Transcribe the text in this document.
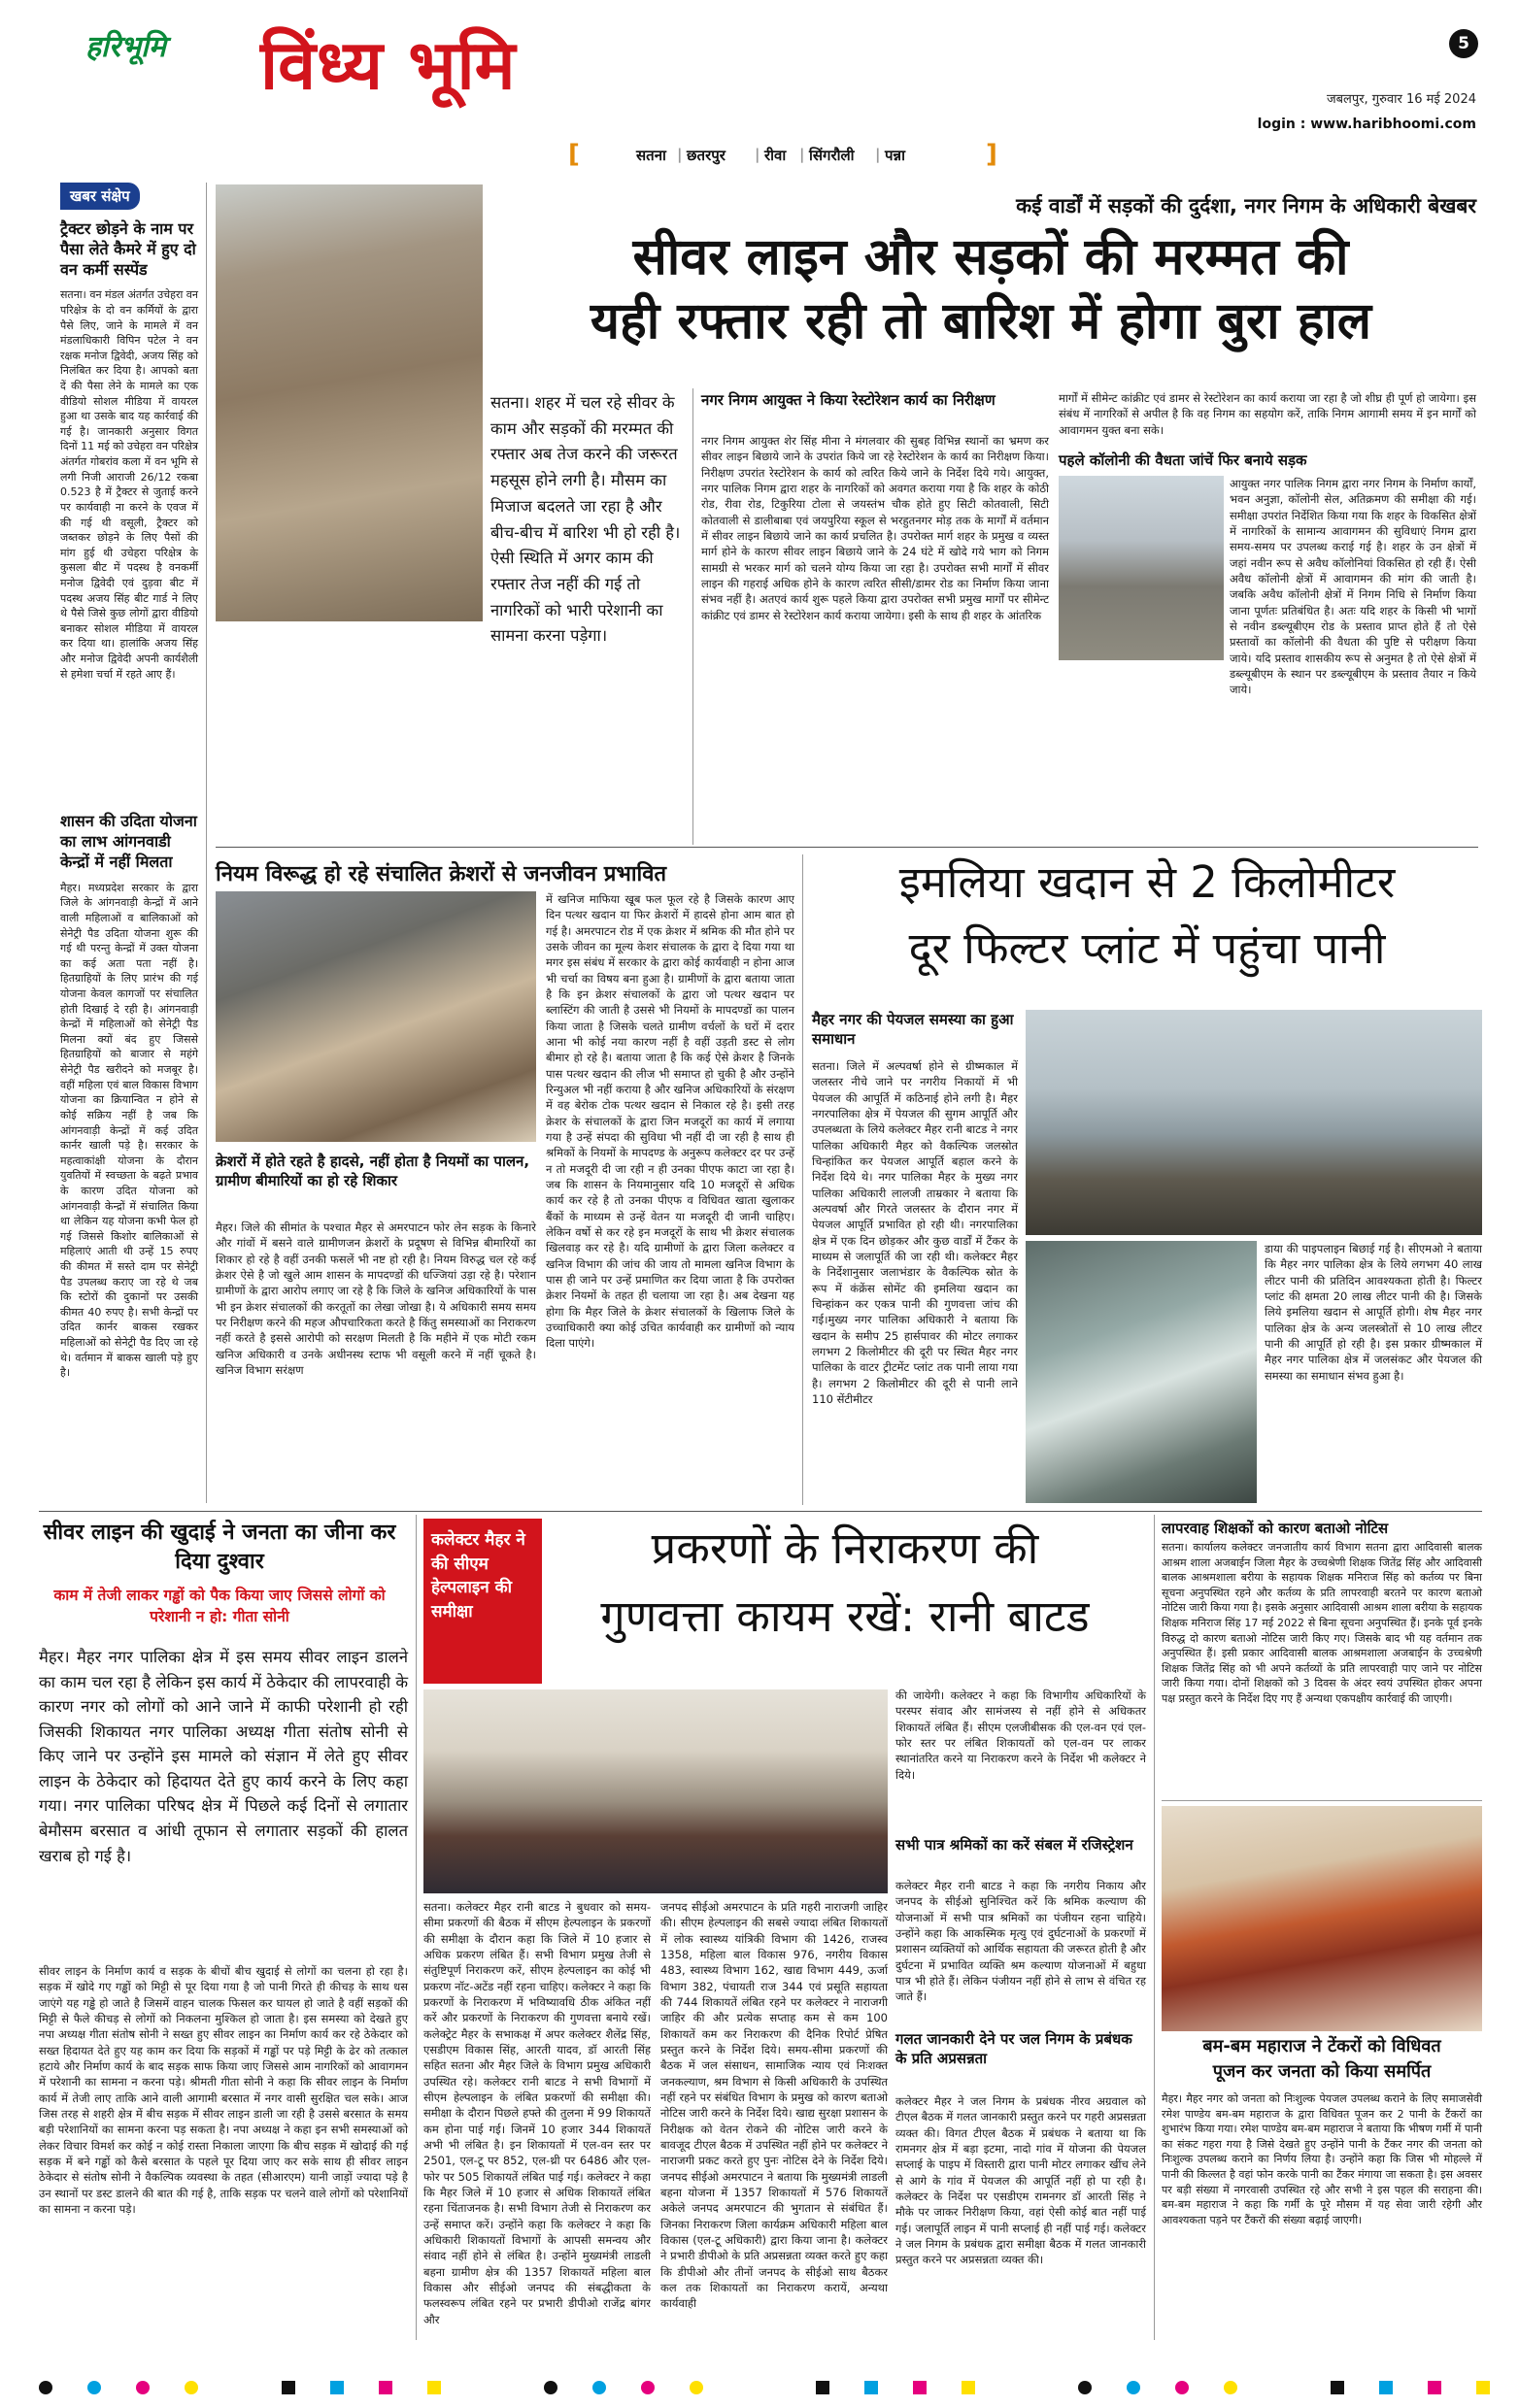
हरिभूमि विंध्य भूमि	5
जबलपुर, गुरुवार 16 मई 2024
login : www.haribhoomi.com
[	सतना | छतरपुर | रीवा | सिंगरौली | पन्ना	]
खबर संक्षेप
ट्रैक्टर छोड़ने के नाम पर पैसा लेते कैमरे में हुए दो वन कर्मी सस्पेंड
सतना। वन मंडल अंतर्गत उचेहरा वन परिक्षेत्र के दो वन कर्मियों के द्वारा पैसे लिए, जाने के मामले में वन मंडलाधिकारी विपिन पटेल ने वन रक्षक मनोज द्विवेदी, अजय सिंह को निलंबित कर दिया है। आपको बता दें की पैसा लेने के मामले का एक वीडियो सोशल मीडिया में वायरल हुआ था उसके बाद यह कार्रवाई की गई है। जानकारी अनुसार विगत दिनों 11 मई को उचेहरा वन परिक्षेत्र अंतर्गत गोबरांव कला में वन भूमि से लगी निजी आराजी 26/12 रकबा 0.523 है में ट्रैक्टर से जुताई करने पर कार्यवाही ना करने के एवज में की गई थी वसूली, ट्रैक्टर को जब्तकर छोड़ने के लिए पैसों की मांग हुई थी उचेहरा परिक्षेत्र के कुसला बीट में पदस्थ है वनकर्मी मनोज द्विवेदी एवं दुड़वा बीट में पदस्थ अजय सिंह बीट गार्ड ने लिए थे पैसे जिसे कुछ लोगों द्वारा वीडियो बनाकर सोशल मीडिया में वायरल कर दिया था। हालांकि अजय सिंह और मनोज द्विवेदी अपनी कार्यशैली से हमेशा चर्चा में रहते आए हैं।
शासन की उदिता योजना का लाभ आंगनवाडी केन्द्रों में नहीं मिलता
मैहर। मध्यप्रदेश सरकार के द्वारा जिले के आंगनवाड़ी केन्द्रों में आने वाली महिलाओं व बालिकाओं को सेनेट्री पैड उदिता योजना शुरू की गई थी परन्तु केन्द्रों में उक्त योजना का कई अता पता नहीं है। हितग्राहियों के लिए प्रारंभ की गई योजना केवल कागजों पर संचालित होती दिखाई दे रही है। आंगनवाड़ी केन्द्रों में महिलाओं को सेनेट्री पैड मिलना क्यों बंद हुए जिससे हितग्राहियों को बाजार से महंगे सेनेट्री पैड खरीदने को मजबूर है। वहीं महिला एवं बाल विकास विभाग योजना का क्रियान्वित न होने से कोई सक्रिय नहीं है जब कि आंगनवाड़ी केन्द्रों में कई उदित कार्नर खाली पड़े है। सरकार के महत्वाकांक्षी योजना के दौरान युवतियों में स्वच्छता के बढ़ते प्रभाव के कारण उदित योजना को आंगनवाड़ी केन्द्रों में संचालित किया था लेकिन यह योजना कभी फेल हो गई जिससे किशोर बालिकाओं से महिलाएं आती थी उन्हें 15 रुपए की कीमत में सस्ते दाम पर सेनेट्री पैड उपलब्ध कराए जा रहे थे जब कि स्टोरों की दुकानों पर उसकी कीमत 40 रुपए है। सभी केन्द्रों पर उदित कार्नर बाकस रखकर महिलाओं को सेनेट्री पैड दिए जा रहे थे। वर्तमान में बाकस खाली पड़े हुए है।
कई वार्डों में सड़कों की दुर्दशा, नगर निगम के अधिकारी बेखबर
सीवर लाइन और सड़कों की मरम्मत की
यही रफ्तार रही तो बारिश में होगा बुरा हाल
सतना। शहर में चल रहे सीवर के काम और सड़कों की मरम्मत की रफ्तार अब तेज करने की जरूरत महसूस होने लगी है। मौसम का मिजाज बदलते जा रहा है और बीच-बीच में बारिश भी हो रही है। ऐसी स्थिति में अगर काम की रफ्तार तेज नहीं की गई तो नागरिकों को भारी परेशानी का सामना करना पड़ेगा।
नगर निगम आयुक्त ने किया रेस्टोरेशन कार्य का निरीक्षण
नगर निगम आयुक्त शेर सिंह मीना ने मंगलवार की सुबह विभिन्न स्थानों का भ्रमण कर सीवर लाइन बिछाये जाने के उपरांत किये जा रहे रेस्टोरेशन के कार्य का निरीक्षण किया। निरीक्षण उपरांत रेस्टोरेशन के कार्य को त्वरित किये जाने के निर्देश दिये गये। आयुक्त, नगर पालिक निगम द्वारा शहर के नागरिकों को अवगत कराया गया है कि शहर के कोठी रोड, रीवा रोड, टिकुरिया टोला से जयस्तंभ चौक होते हुए सिटी कोतवाली, सिटी कोतवाली से डालीबाबा एवं जयपुरिया स्कूल से भरहुतनगर मोड़ तक के मार्गों में वर्तमान में सीवर लाइन बिछाये जाने का कार्य प्रचलित है। उपरोक्त मार्ग शहर के प्रमुख व व्यस्त मार्ग होने के कारण सीवर लाइन बिछाये जाने के 24 घंटे में खोदे गये भाग को निगम सामग्री से भरकर मार्ग को चलने योग्य किया जा रहा है। उपरोक्त सभी मार्गों में सीवर लाइन की गहराई अधिक होने के कारण त्वरित सीसी/डामर रोड का निर्माण किया जाना संभव नहीं है। अतएवं कार्य शुरू पहले किया द्वारा उपरोक्त सभी प्रमुख मार्गों पर सीमेन्ट कांक्रीट एवं डामर से रेस्टोरेशन कार्य कराया जायेगा। इसी के साथ ही शहर के आंतरिक
मार्गों में सीमेन्ट कांक्रीट एवं डामर से रेस्टोरेशन का कार्य कराया जा रहा है जो शीघ्र ही पूर्ण हो जायेगा। इस संबंध में नागरिकों से अपील है कि वह निगम का सहयोग करें, ताकि निगम आगामी समय में इन मार्गों को आवागमन युक्त बना सके।
पहले कॉलोनी की वैधता जांचें फिर बनाये सड़क
आयुक्त नगर पालिक निगम द्वारा नगर निगम के निर्माण कार्यों, भवन अनुज्ञा, कॉलोनी सेल, अतिक्रमण की समीक्षा की गई। समीक्षा उपरांत निर्देशित किया गया कि शहर के विकसित क्षेत्रों में नागरिकों के सामान्य आवागमन की सुविधाएं निगम द्वारा समय-समय पर उपलब्ध कराई गई है। शहर के उन क्षेत्रों में जहां नवीन रूप से अवैध कॉलोनियां विकसित हो रही हैं। ऐसी अवैध कॉलोनी क्षेत्रों में आवागमन की मांग की जाती है। जबकि अवैध कॉलोनी क्षेत्रों में निगम निधि से निर्माण किया जाना पूर्णतः प्रतिबंधित है। अतः यदि शहर के किसी भी भागों से नवीन डब्ल्यूबीएम रोड के प्रस्ताव प्राप्त होते हैं तो ऐसे प्रस्तावों का कॉलोनी की वैधता की पुष्टि से परीक्षण किया जाये। यदि प्रस्ताव शासकीय रूप से अनुमत है तो ऐसे क्षेत्रों में डब्ल्यूबीएम के स्थान पर डब्ल्यूबीएम के प्रस्ताव तैयार न किये जाये।
नियम विरूद्ध हो रहे संचालित क्रेशरों से जनजीवन प्रभावित
क्रेशरों में होते रहते है हादसे, नहीं होता है नियमों का पालन, ग्रामीण बीमारियों का हो रहे शिकार
मैहर। जिले की सीमांत के पश्चात मैहर से अमरपाटन फोर लेन सड़क के किनारे और गांवों में बसने वाले ग्रामीणजन क्रेशरों के प्रदूषण से विभिन्न बीमारियों का शिकार हो रहे है वहीं उनकी फसलें भी नष्ट हो रही है। नियम विरुद्ध चल रहे कई क्रेशर ऐसे है जो खुले आम शासन के मापदण्डों की धज्जियां उड़ा रहे है। परेशान ग्रामीणों के द्वारा आरोप लगाए जा रहे है कि जिले के खनिज अधिकारियों के पास भी इन क्रेशर संचालकों की करतूतों का लेखा जोखा है। ये अधिकारी समय समय पर निरीक्षण करने की महज औपचारिकता करते है किंतु समस्याओं का निराकरण नहीं करते है इससे आरोपी को सरक्षण मिलती है कि महीने में एक मोटी रकम खनिज अधिकारी व उनके अधीनस्थ स्टाफ भी वसूली करने में नहीं चूकते है। खनिज विभाग सरंक्षण
में खनिज माफिया खूब फल फूल रहे है जिसके कारण आए दिन पत्थर खदान या फिर क्रेशरों में हादसे होना आम बात हो गई है। अमरपाटन रोड में एक क्रेशर में श्रमिक की मौत होने पर उसके जीवन का मूल्य केशर संचालक के द्वारा दे दिया गया था मगर इस संबंध में सरकार के द्वारा कोई कार्यवाही न होना आज भी चर्चा का विषय बना हुआ है। ग्रामीणों के द्वारा बताया जाता है कि इन क्रेशर संचालकों के द्वारा जो पत्थर खदान पर ब्लास्टिंग की जाती है उससे भी नियमों के मापदण्डों का पालन किया जाता है जिसके चलते ग्रामीण वर्चलों के घरों में दरार आना भी कोई नया कारण नहीं है वहीं उड़ती डस्ट से लोग बीमार हो रहे है। बताया जाता है कि कई ऐसे क्रेशर है जिनके पास पत्थर खदान की लीज भी समाप्त हो चुकी है और उन्होंने रिन्युअल भी नहीं कराया है और खनिज अधिकारियों के संरक्षण में वह बेरोक टोक पत्थर खदान से निकाल रहे है। इसी तरह क्रेशर के संचालकों के द्वारा जिन मजदूरों का कार्य में लगाया गया है उन्हें संपदा की सुविधा भी नहीं दी जा रही है साथ ही श्रमिकों के नियमों के मापदण्ड के अनुरूप कलेक्टर दर पर उन्हें न तो मजदूरी दी जा रही न ही उनका पीएफ काटा जा रहा है। जब कि शासन के नियमानुसार यदि 10 मजदूरों से अधिक कार्य कर रहे है तो उनका पीएफ व विधिवत खाता खुलाकर बैंकों के माध्यम से उन्हें वेतन या मजदूरी दी जानी चाहिए। लेकिन वर्षो से कर रहे इन मजदूरों के साथ भी क्रेशर संचालक खिलवाड़ कर रहे है। यदि ग्रामीणों के द्वारा जिला कलेक्टर व खनिज विभाग की जांच की जाय तो मामला खनिज विभाग के पास ही जाने पर उन्हें प्रमाणित कर दिया जाता है कि उपरोक्त क्रेशर नियमों के तहत ही चलाया जा रहा है। अब देखना यह होगा कि मैहर जिले के क्रेशर संचालकों के खिलाफ जिले के उच्चाधिकारी क्या कोई उचित कार्यवाही कर ग्रामीणों को न्याय दिला पाएंगे।
इमलिया खदान से 2 किलोमीटर
दूर फिल्टर प्लांट में पहुंचा पानी
मैहर नगर की पेयजल समस्या का हुआ समाधान
सतना। जिले में अल्पवर्षा होने से ग्रीष्मकाल में जलस्तर नीचे जाने पर नगरीय निकायों में भी पेयजल की आपूर्ति में कठिनाई होने लगी है। मैहर नगरपालिका क्षेत्र में पेयजल की सुगम आपूर्ति और उपलब्धता के लिये कलेक्टर मैहर रानी बाटड ने नगर पालिका अधिकारी मैहर को वैकल्पिक जलस्रोत चिन्हांकित कर पेयजल आपूर्ति बहाल करने के निर्देश दिये थे। नगर पालिका मैहर के मुख्य नगर पालिका अधिकारी लालजी ताम्रकार ने बताया कि अल्पवर्षा और गिरते जलस्तर के दौरान नगर में पेयजल आपूर्ति प्रभावित हो रही थी। नगरपालिका क्षेत्र में एक दिन छोड़कर और कुछ वार्डों में टैंकर के माध्यम से जलापूर्ति की जा रही थी। कलेक्टर मैहर के निर्देशानुसार जलाभंडार के वैकल्पिक स्रोत के रूप में कंक्रेंस सोमेंट की इमलिया खदान का चिन्हांकन कर एकत्र पानी की गुणवत्ता जांच की गई।मुख्य नगर पालिका अधिकारी ने बताया कि खदान के समीप 25 हार्सपावर की मोटर लगाकर लगभग 2 किलोमीटर की दूरी पर स्थित मैहर नगर पालिका के वाटर ट्रीटमेंट प्लांट तक पानी लाया गया है। लगभग 2 किलोमीटर की दूरी से पानी लाने 110 सेंटीमीटर
डाया की पाइपलाइन बिछाई गई है। सीएमओ ने बताया कि मैहर नगर पालिका क्षेत्र के लिये लगभग 40 लाख लीटर पानी की प्रतिदिन आवश्यकता होती है। फिल्टर प्लांट की क्षमता 20 लाख लीटर पानी की है। जिसके लिये इमलिया खदान से आपूर्ति होगी। शेष मैहर नगर पालिका क्षेत्र के अन्य जलस्त्रोतों से 10 लाख लीटर पानी की आपूर्ति हो रही है। इस प्रकार ग्रीष्मकाल में मैहर नगर पालिका क्षेत्र में जलसंकट और पेयजल की समस्या का समाधान संभव हुआ है।
सीवर लाइन की खुदाई ने जनता का जीना कर दिया दुश्वार
काम में तेजी लाकर गड्ढों को पैक किया जाए जिससे लोगों को परेशानी न हो: गीता सोनी
मैहर। मैहर नगर पालिका क्षेत्र में इस समय सीवर लाइन डालने का काम चल रहा है लेकिन इस कार्य में ठेकेदार की लापरवाही के कारण नगर को लोगों को आने जाने में काफी परेशानी हो रही जिसकी शिकायत नगर पालिका अध्यक्ष गीता संतोष सोनी से किए जाने पर उन्होंने इस मामले को संज्ञान में लेते हुए सीवर लाइन के ठेकेदार को हिदायत देते हुए कार्य करने के लिए कहा गया। नगर पालिका परिषद क्षेत्र में पिछले कई दिनों से लगातार बेमौसम बरसात व आंधी तूफान से लगातार सड़कों की हालत खराब हो गई है।
सीवर लाइन के निर्माण कार्य व सड़क के बीचों बीच खुदाई से लोगों का चलना हो रहा है। सड़क में खोदे गए गड्ढों को मिट्टी से पूर दिया गया है जो पानी गिरते ही कीचड़ के साथ धस जाएंगे यह गड्ढे हो जाते है जिसमें वाहन चालक फिसल कर घायल हो जाते है वहीं सड़कों की मिट्टी से फैले कीचड़ से लोगों को निकलना मुश्किल हो जाता है। इस समस्या को देखते हुए नपा अध्यक्ष गीता संतोष सोनी ने सख्त हुए सीवर लाइन का निर्माण कार्य कर रहे ठेकेदार को सख्त हिदायत देते हुए यह काम कर दिया कि सड़कों में गड्ढों पर पड़े मिट्टी के ढेर को तत्काल हटाये और निर्माण कार्य के बाद सड़क साफ किया जाए जिससे आम नागरिकों को आवागमन में परेशानी का सामना न करना पड़े। श्रीमती गीता सोनी ने कहा कि सीवर लाइन के निर्माण कार्य में तेजी लाए ताकि आने वाली आगामी बरसात में नगर वासी सुरक्षित चल सके। आज जिस तरह से शहरी क्षेत्र में बीच सड़क में सीवर लाइन डाली जा रही है उससे बरसात के समय बड़ी परेशानियों का सामना करना पड़ सकता है। नपा अध्यक्ष ने कहा इन सभी समस्याओं को लेकर विचार विमर्श कर कोई न कोई रास्ता निकाला जाएगा कि बीच सड़क में खोदाई की गई सड़क में बने गड्ढों को कैसे बरसात के पहले पूर दिया जाए कर सके साथ ही सीवर लाइन ठेकेदार से संतोष सोनी ने वैकल्पिक व्यवस्था के तहत (सीआरएम) यानी जाड़ों ज्यादा पड़े है उन स्थानों पर डस्ट डालने की बात की गई है, ताकि सड़क पर चलने वाले लोगों को परेशानियों का सामना न करना पड़े।
कलेक्टर मैहर ने की सीएम हेल्पलाइन की समीक्षा
प्रकरणों के निराकरण की
गुणवत्ता कायम रखें: रानी बाटड
सतना। कलेक्टर मैहर रानी बाटड ने बुधवार को समय-सीमा प्रकरणों की बैठक में सीएम हेल्पलाइन के प्रकरणों की समीक्षा के दौरान कहा कि जिले में 10 हजार से अधिक प्रकरण लंबित हैं। सभी विभाग प्रमुख तेजी से संतुष्टिपूर्ण निराकरण करें, सीएम हेल्पलाइन का कोई भी प्रकरण नॉट-अटेंड नहीं रहना चाहिए। कलेक्टर ने कहा कि प्रकरणों के निराकरण में भविष्यावधि ठीक अंकित नहीं करें और प्रकरणों के निराकरण की गुणवत्ता बनाये रखें। कलेक्ट्रेट मैहर के सभाकक्ष में अपर कलेक्टर शैलेंद्र सिंह, एसडीएम विकास सिंह, आरती यादव, डॉ आरती सिंह सहित सतना और मैहर जिले के विभाग प्रमुख अधिकारी उपस्थित रहे। कलेक्टर रानी बाटड ने सभी विभागों में सीएम हेल्पलाइन के लंबित प्रकरणों की समीक्षा की। समीक्षा के दौरान पिछले हफ्ते की तुलना में 99 शिकायतें कम होना पाई गई। जिनमें 10 हजार 344 शिकायतें अभी भी लंबित है। इन शिकायतों में एल-वन स्तर पर 2501, एल-टू पर 852, एल-थ्री पर 6486 और एल-फोर पर 505 शिकायतें लंबित पाई गई। कलेक्टर ने कहा कि मैहर जिले में 10 हजार से अधिक शिकायतें लंबित रहना चिंताजनक है। सभी विभाग तेजी से निराकरण कर उन्हें समाप्त करें। उन्होंने कहा कि कलेक्टर ने कहा कि अधिकारी शिकायतों विभागों के आपसी समन्वय और संवाद नहीं होने से लंबित है। उन्होंने मुख्यमंत्री लाडली बहना ग्रामीण क्षेत्र की 1357 शिकायतें महिला बाल विकास और सीईओ जनपद की संबद्धीकता के फलस्वरूप लंबित रहने पर प्रभारी डीपीओ राजेंद्र बांगर और
जनपद सीईओ अमरपाटन के प्रति गहरी नाराजगी जाहिर की। सीएम हेल्पलाइन की सबसे ज्यादा लंबित शिकायतों में लोक स्वास्थ्य यांत्रिकी विभाग की 1426, राजस्व 1358, महिला बाल विकास 976, नगरीय विकास 483, स्वास्थ्य विभाग 162, खाद्य विभाग 449, ऊर्जा विभाग 382, पंचायती राज 344 एवं प्रसूति सहायता की 744 शिकायतें लंबित रहने पर कलेक्टर ने नाराजगी जाहिर की और प्रत्येक सप्ताह कम से कम 100 शिकायतें कम कर निराकरण की दैनिक रिपोर्ट प्रेषित प्रस्तुत करने के निर्देश दिये। समय-सीमा प्रकरणों की बैठक में जल संसाधन, सामाजिक न्याय एवं निःशक्त जनकल्याण, श्रम विभाग से किसी अधिकारी के उपस्थित नहीं रहने पर संबंधित विभाग के प्रमुख को कारण बताओ नोटिस जारी करने के निर्देश दिये। खाद्य सुरक्षा प्रशासन के निरीक्षक को वेतन रोकने की नोटिस जारी करने के बावजूद टीएल बैठक में उपस्थित नहीं होने पर कलेक्टर ने नाराजगी प्रकट करते हुए पुनः नोटिस देने के निर्देश दिये। जनपद सीईओ अमरपाटन ने बताया कि मुख्यमंत्री लाडली बहना योजना में 1357 शिकायतों में 576 शिकायतें अकेले जनपद अमरपाटन की भुगतान से संबंधित हैं। जिनका निराकरण जिला कार्यक्रम अधिकारी महिला बाल विकास (एल-टू अधिकारी) द्वारा किया जाना है। कलेक्टर ने प्रभारी डीपीओ के प्रति अप्रसन्नता व्यक्त करते हुए कहा कि डीपीओ और तीनों जनपद के सीईओ साथ बैठकर कल तक शिकायतों का निराकरण करायें, अन्यथा कार्यवाही
की जायेगी। कलेक्टर ने कहा कि विभागीय अधिकारियों के परस्पर संवाद और सामंजस्य से नहीं होने से अधिकतर शिकायतें लंबित हैं। सीएम एलजीबीसक की एल-वन एवं एल-फोर स्तर पर लंबित शिकायतों को एल-वन पर लाकर स्थानांतरित करने या निराकरण करने के निर्देश भी कलेक्टर ने दिये।
सभी पात्र श्रमिकों का करें संबल में रजिस्ट्रेशन
कलेक्टर मैहर रानी बाटड ने कहा कि नगरीय निकाय और जनपद के सीईओ सुनिश्चित करें कि श्रमिक कल्याण की योजनाओं में सभी पात्र श्रमिकों का पंजीयन रहना चाहिये। उन्होंने कहा कि आकस्मिक मृत्यु एवं दुर्घटनाओं के प्रकरणों में प्रशासन व्यक्तियों को आर्थिक सहायता की जरूरत होती है और दुर्घटना में प्रभावित व्यक्ति श्रम कल्याण योजनाओं में बहुधा पात्र भी होते हैं। लेकिन पंजीयन नहीं होने से लाभ से वंचित रह जाते हैं।
गलत जानकारी देने पर जल निगम के प्रबंधक के प्रति अप्रसन्नता
कलेक्टर मैहर ने जल निगम के प्रबंधक नीरव अग्रवाल को टीएल बैठक में गलत जानकारी प्रस्तुत करने पर गहरी अप्रसन्नता व्यक्त की। विगत टीएल बैठक में प्रबंधक ने बताया था कि रामनगर क्षेत्र में बड़ा इटमा, नादो गांव में योजना की पेयजल सप्लाई के पाइप में विस्तारी द्वारा पानी मोटर लगाकर खींच लेने से आगे के गांव में पेयजल की आपूर्ति नहीं हो पा रही है। कलेक्टर के निर्देश पर एसडीएम रामनगर डॉ आरती सिंह ने मौके पर जाकर निरीक्षण किया, वहां ऐसी कोई बात नहीं पाई गई। जलापूर्ति लाइन में पानी सप्लाई ही नहीं पाई गई। कलेक्टर ने जल निगम के प्रबंधक द्वारा समीक्षा बैठक में गलत जानकारी प्रस्तुत करने पर अप्रसन्नता व्यक्त की।
लापरवाह शिक्षकों को कारण बताओ नोटिस
सतना। कार्यालय कलेक्टर जनजातीय कार्य विभाग सतना द्वारा आदिवासी बालक आश्रम शाला अजबाईन जिला मैहर के उच्चश्रेणी शिक्षक जितेंद्र सिंह और आदिवासी बालक आश्रमशाला बरीया के सहायक शिक्षक मनिराज सिंह को कर्तव्य पर बिना सूचना अनुपस्थित रहने और कर्तव्य के प्रति लापरवाही बरतने पर कारण बताओ नोटिस जारी किया गया है। इसके अनुसार आदिवासी आश्रम शाला बरीया के सहायक शिक्षक मनिराज सिंह 17 मई 2022 से बिना सूचना अनुपस्थित हैं। इनके पूर्व इनके विरुद्ध दो कारण बताओ नोटिस जारी किए गए। जिसके बाद भी यह वर्तमान तक अनुपस्थित हैं। इसी प्रकार आदिवासी बालक आश्रमशाला अजबाईन के उच्चश्रेणी शिक्षक जितेंद्र सिंह को भी अपने कर्तव्यों के प्रति लापरवाही पाए जाने पर नोटिस जारी किया गया। दोनों शिक्षकों को 3 दिवस के अंदर स्वयं उपस्थित होकर अपना पक्ष प्रस्तुत करने के निर्देश दिए गए हैं अन्यथा एकपक्षीय कार्रवाई की जाएगी।
बम-बम महाराज ने टेंकरों को विधिवत
पूजन कर जनता को किया समर्पित
मैहर। मैहर नगर को जनता को निःशुल्क पेयजल उपलब्ध कराने के लिए समाजसेवी रमेश पाण्डेय बम-बम महाराज के द्वारा विधिवत पूजन कर 2 पानी के टैंकरों का शुभारंभ किया गया। रमेश पाण्डेय बम-बम महाराज ने बताया कि भीषण गर्मी में पानी का संकट गहरा गया है जिसे देखते हुए उन्होंने पानी के टैंकर नगर की जनता को निःशुल्क उपलब्ध कराने का निर्णय लिया है। उन्होंने कहा कि जिस भी मोहल्ले में पानी की किल्लत है वहां फोन करके पानी का टैंकर मंगाया जा सकता है। इस अवसर पर बड़ी संख्या में नगरवासी उपस्थित रहे और सभी ने इस पहल की सराहना की। बम-बम महाराज ने कहा कि गर्मी के पूरे मौसम में यह सेवा जारी रहेगी और आवश्यकता पड़ने पर टैंकरों की संख्या बढ़ाई जाएगी।
